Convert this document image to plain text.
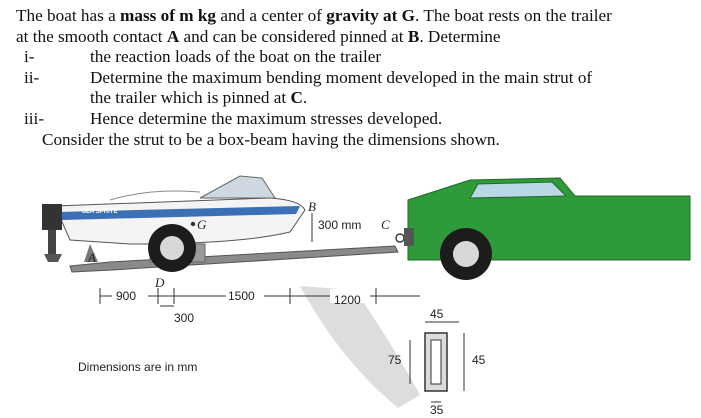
The boat has a mass of m kg and a center of gravity at G. The boat rests on the trailer
at the smooth contact A and can be considered pinned at B. Determine
i-	the reaction loads of the boat on the trailer
ii-	Determine the maximum bending moment developed in the main strut of
the trailer which is pinned at C.
iii-	Hence determine the maximum stresses developed.
Consider the strut to be a box-beam having the dimensions shown.
SEA SPRITE
G
A
D
B
300 mm C
900	1500	1200
300
Dimensions are in mm
45
45
75
35
